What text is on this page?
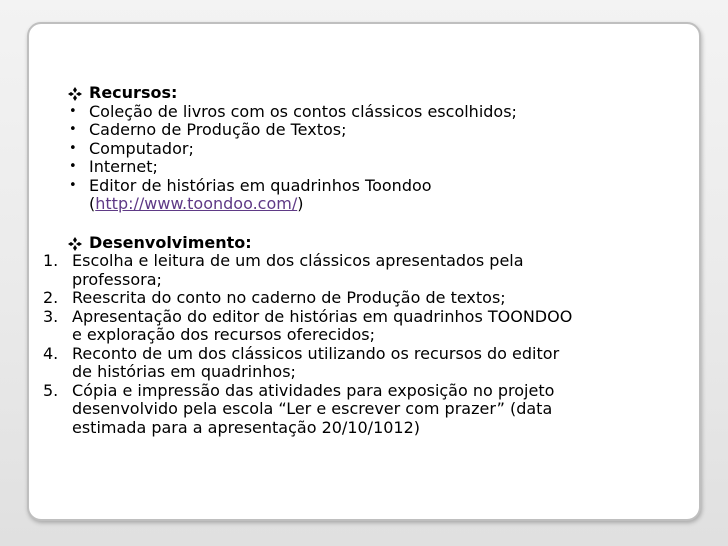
Recursos:
• Coleção de livros com os contos clássicos escolhidos;
• Caderno de Produção de Textos;
• Computador;
• Internet;
• Editor de histórias em quadrinhos Toondoo
(http://www.toondoo.com/)
Desenvolvimento:
1. Escolha e leitura de um dos clássicos apresentados pela
professora;
2. Reescrita do conto no caderno de Produção de textos;
3. Apresentação do editor de histórias em quadrinhos TOONDOO
e exploração dos recursos oferecidos;
4. Reconto de um dos clássicos utilizando os recursos do editor
de histórias em quadrinhos;
5. Cópia e impressão das atividades para exposição no projeto
desenvolvido pela escola “Ler e escrever com prazer” (data
estimada para a apresentação 20/10/1012)
